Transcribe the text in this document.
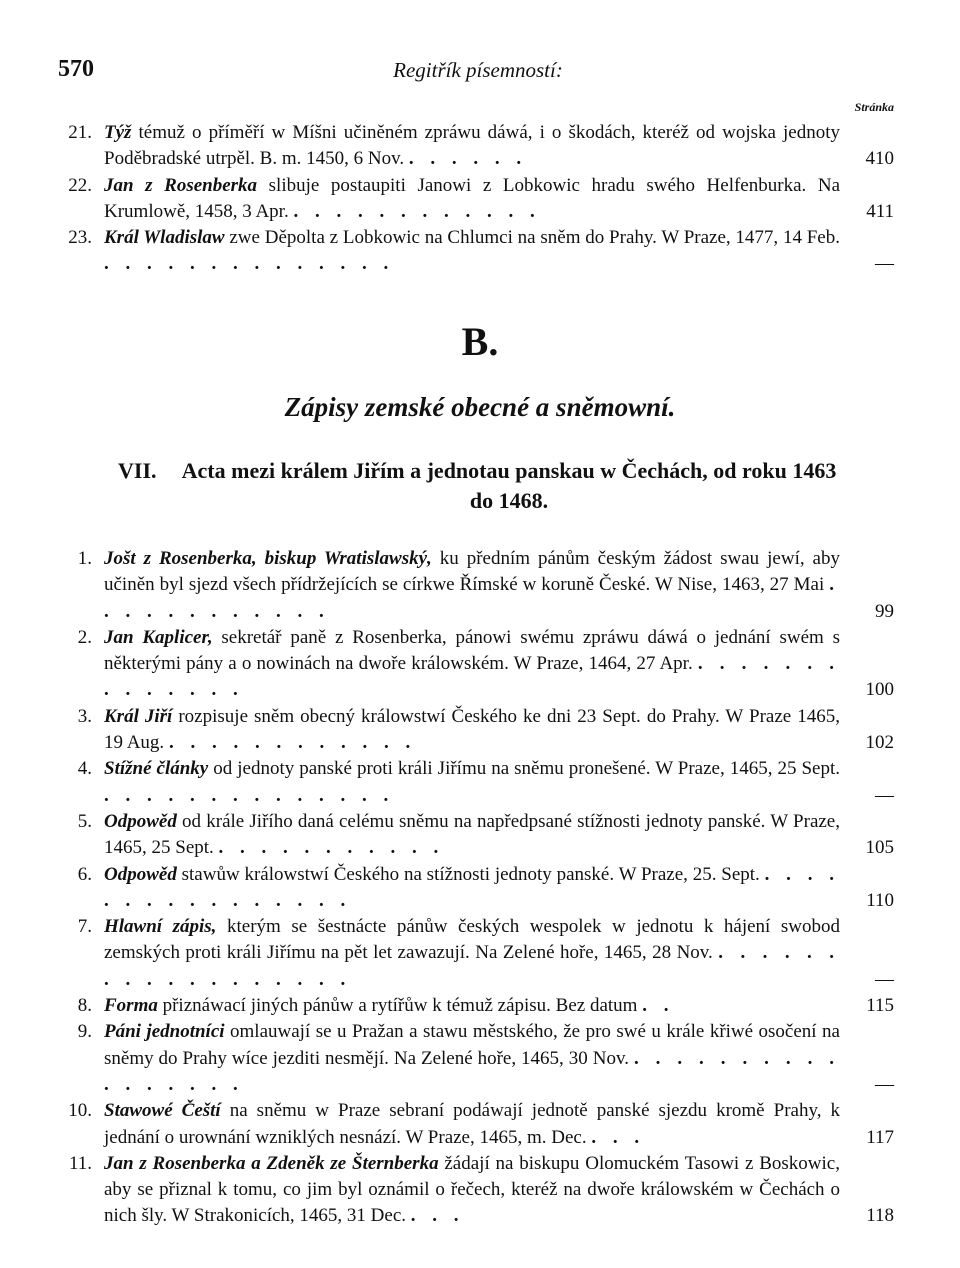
570	Regitřík písemností:
Stránka
21. Týž témuž o příměří w Míšni učiněném zpráwu dáwá, i o škodách, kteréž od wojska jednoty Poděbradské utrpěl. B. m. 1450, 6 Nov. . . . . . .	410
22. Jan z Rosenberka slibuje postaupiti Janowi z Lobkowic hradu swého Helfenburka. Na Krumlowě, 1458, 3 Apr. . . . . . . . . . . . .	411
23. Král Wladislaw zwe Děpolta z Lobkowic na Chlumci na sněm do Prahy. W Praze, 1477, 14 Feb. . . . . . . . . . . . . . .	—
B.
Zápisy zemské obecné a sněmowní.
VII.	Acta mezi králem Jiřím a jednotau panskau w Čechách, od roku 1463 do 1468.
1. Jošt z Rosenberka, biskup Wratislawský, ku předním pánům českým žádost swau jewí, aby učiněn byl sjezd všech přídržejících se církwe Římské w koruně České. W Nise, 1463, 27 Mai . . . . . . . . . . . .	99
2. Jan Kaplicer, sekretář paně z Rosenberka, pánowi swému zpráwu dáwá o jednání swém s některými pány a o nowinách na dwoře králowském. W Praze, 1464, 27 Apr. . . . . . . . . . . . . . .	100
3. Král Jiří rozpisuje sněm obecný králowstwí Českého ke dni 23 Sept. do Prahy. W Praze 1465, 19 Aug. . . . . . . . . . . . .	102
4. Stížné články od jednoty panské proti králi Jiřímu na sněmu pronešené. W Praze, 1465, 25 Sept. . . . . . . . . . . . . . .	—
5. Odpowěd od krále Jiřího daná celému sněmu na napředpsané stížnosti jednoty panské. W Praze, 1465, 25 Sept. . . . . . . . . . . .	105
6. Odpowěd stawůw králowstwí Českého na stížnosti jednoty panské. W Praze, 25. Sept. . . . . . . . . . . . . . . . .	110
7. Hlawní zápis, kterým se šestnácte pánůw českých wespolek w jednotu k hájení swobod zemských proti králi Jiřímu na pět let zawazují. Na Zelené hoře, 1465, 28 Nov. . . . . . . . . . . . . . . . . . .	—
8. Forma přiznáwací jiných pánůw a rytířůw k témuž zápisu. Bez datum . .	115
9. Páni jednotníci omlauwají se u Pražan a stawu městského, že pro swé u krále křiwé osočení na sněmy do Prahy wíce jezditi nesmějí. Na Zelené hoře, 1465, 30 Nov. . . . . . . . . . . . . . . . . .	—
10. Stawowé Čeští na sněmu w Praze sebraní podáwají jednotě panské sjezdu kromě Prahy, k jednání o urownání wzniklých nesnází. W Praze, 1465, m. Dec. . . .	117
11. Jan z Rosenberka a Zdeněk ze Šternberka žádají na biskupu Olomuckém Tasowi z Boskowic, aby se přiznal k tomu, co jim byl oznámil o řečech, kteréž na dwoře králowském w Čechách o nich šly. W Strakonicích, 1465, 31 Dec. . . .	118
